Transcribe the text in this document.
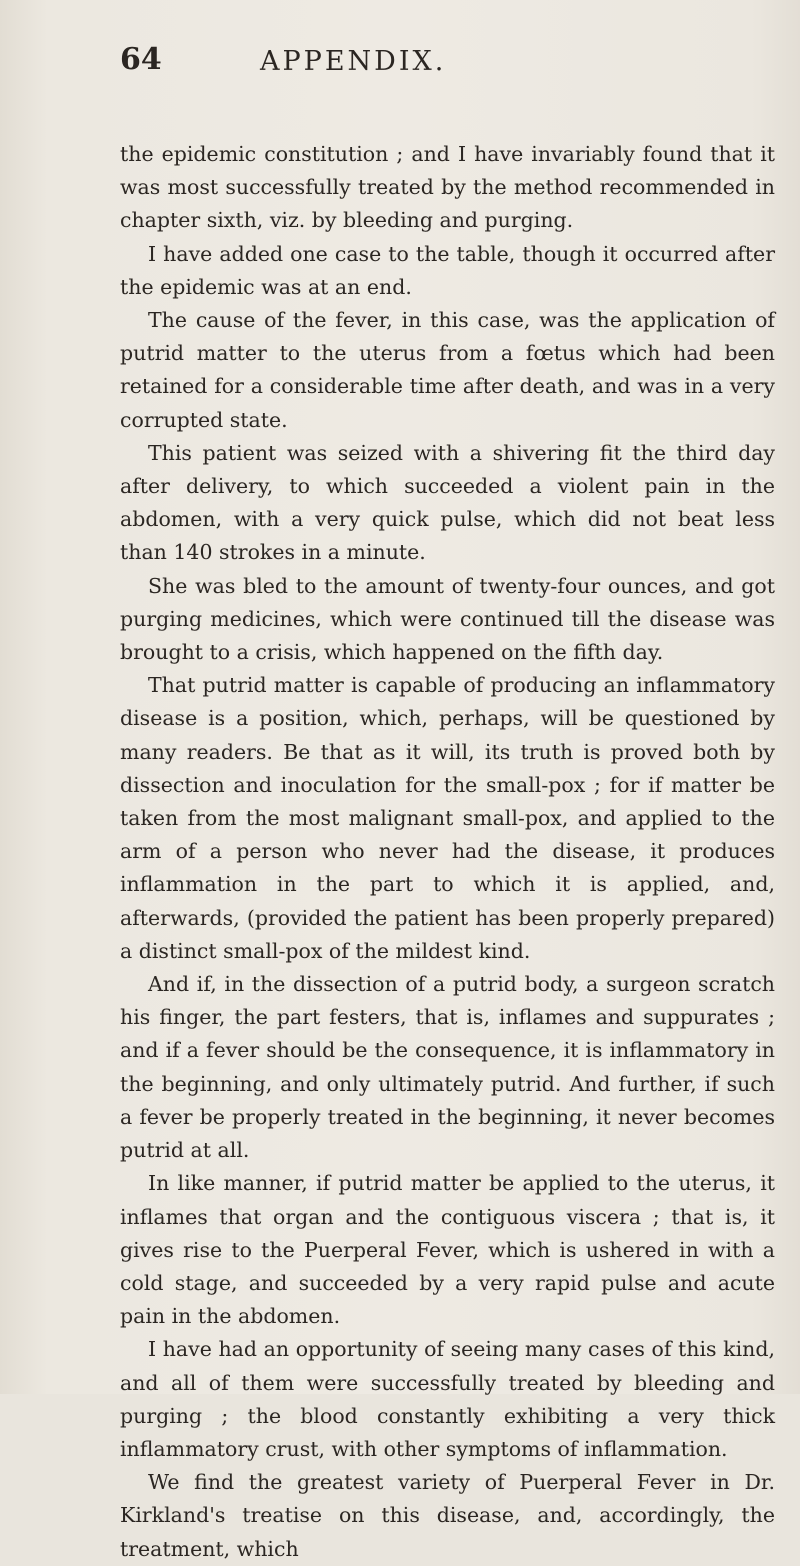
64	APPENDIX.

the epidemic constitution ; and I have invariably found that it was most successfully treated by the method recommended in chapter sixth, viz. by bleeding and purging.

I have added one case to the table, though it occurred after the epidemic was at an end.

The cause of the fever, in this case, was the application of putrid matter to the uterus from a fœtus which had been retained for a considerable time after death, and was in a very corrupted state.

This patient was seized with a shivering fit the third day after delivery, to which succeeded a violent pain in the abdomen, with a very quick pulse, which did not beat less than 140 strokes in a minute.

She was bled to the amount of twenty-four ounces, and got purging medicines, which were continued till the disease was brought to a crisis, which happened on the fifth day.

That putrid matter is capable of producing an inflammatory disease is a position, which, perhaps, will be questioned by many readers. Be that as it will, its truth is proved both by dissection and inoculation for the small-pox ; for if matter be taken from the most malignant small-pox, and applied to the arm of a person who never had the disease, it produces inflammation in the part to which it is applied, and, afterwards, (provided the patient has been properly prepared) a distinct small-pox of the mildest kind.

And if, in the dissection of a putrid body, a surgeon scratch his finger, the part festers, that is, inflames and suppurates ; and if a fever should be the consequence, it is inflammatory in the beginning, and only ultimately putrid. And further, if such a fever be properly treated in the beginning, it never becomes putrid at all.

In like manner, if putrid matter be applied to the uterus, it inflames that organ and the contiguous viscera ; that is, it gives rise to the Puerperal Fever, which is ushered in with a cold stage, and succeeded by a very rapid pulse and acute pain in the abdomen.

I have had an opportunity of seeing many cases of this kind, and all of them were successfully treated by bleeding and purging ; the blood constantly exhibiting a very thick inflammatory crust, with other symptoms of inflammation.

We find the greatest variety of Puerperal Fever in Dr. Kirkland's treatise on this disease, and, accordingly, the treatment, which
